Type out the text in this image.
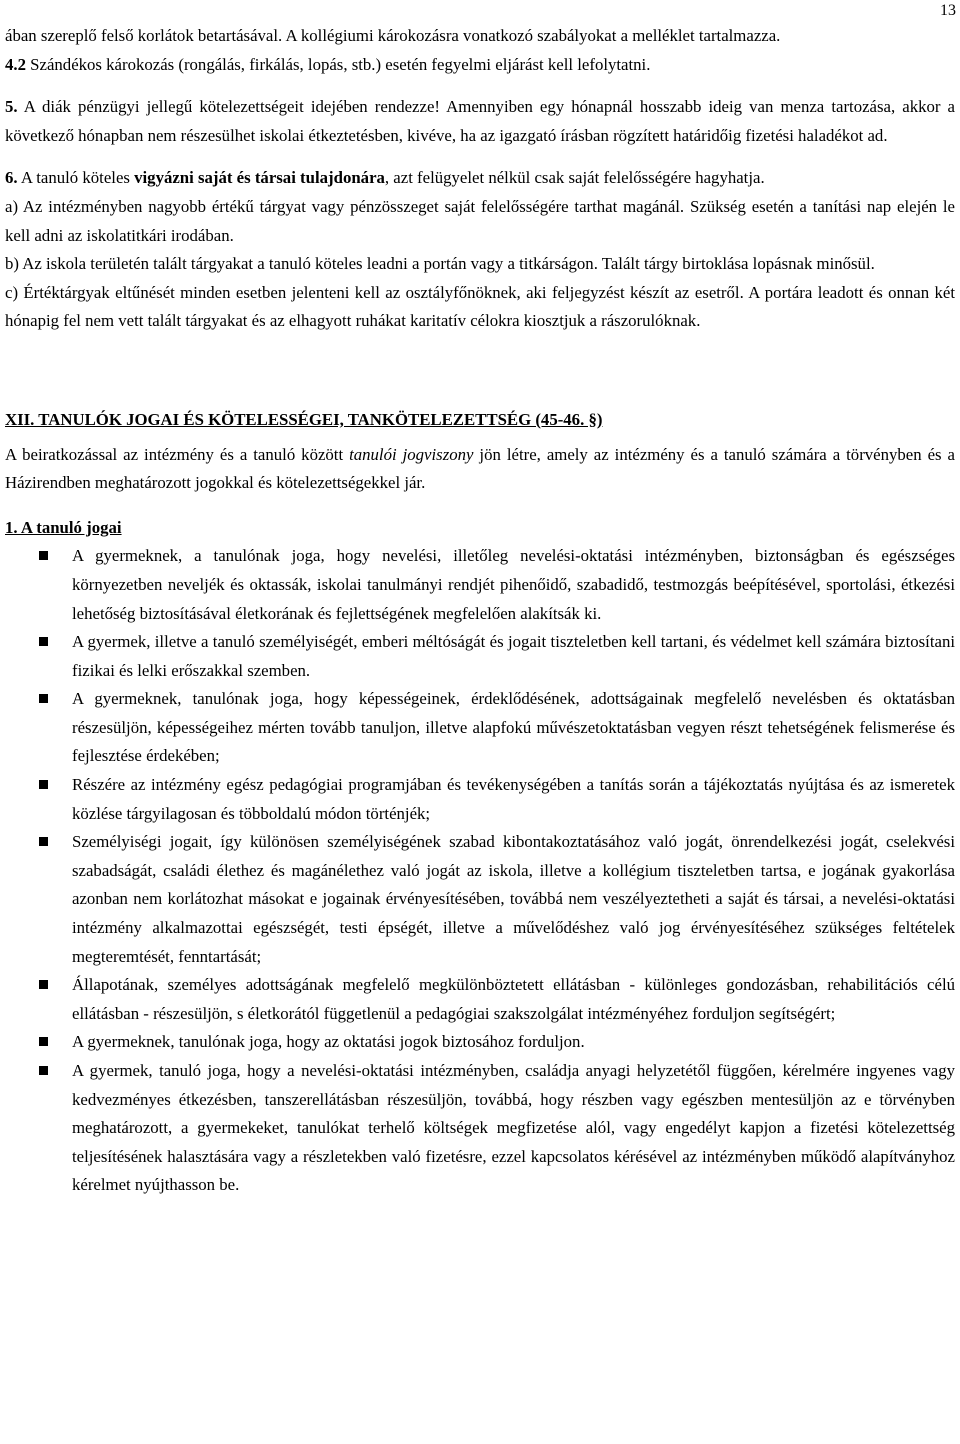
13

ában szereplő felső korlátok betartásával. A kollégiumi károkozásra vonatkozó szabályokat a melléklet tartalmazza.

4.2 Szándékos károkozás (rongálás, firkálás, lopás, stb.) esetén fegyelmi eljárást kell lefolytatni.

5. A diák pénzügyi jellegű kötelezettségeit idejében rendezze! Amennyiben egy hónapnál hosszabb ideig van menza tartozása, akkor a következő hónapban nem részesülhet iskolai étkeztetésben, kivéve, ha az igazgató írásban rögzített határidőig fizetési haladékot ad.

6. A tanuló köteles vigyázni saját és társai tulajdonára, azt felügyelet nélkül csak saját felelősségére hagyhatja.

a) Az intézményben nagyobb értékű tárgyat vagy pénzösszeget saját felelősségére tarthat magánál. Szükség esetén a tanítási nap elején le kell adni az iskolatitkári irodában.

b) Az iskola területén talált tárgyakat a tanuló köteles leadni a portán vagy a titkárságon. Talált tárgy birtoklása lopásnak minősül.

c) Értéktárgyak eltűnését minden esetben jelenteni kell az osztályfőnöknek, aki feljegyzést készít az esetről. A portára leadott és onnan két hónapig fel nem vett talált tárgyakat és az elhagyott ruhákat karitatív célokra kiosztjuk a rászorulóknak.

XII. TANULÓK JOGAI ÉS KÖTELESSÉGEI, TANKÖTELEZETTSÉG (45-46. §)

A beiratkozással az intézmény és a tanuló között tanulói jogviszony jön létre, amely az intézmény és a tanuló számára a törvényben és a Házirendben meghatározott jogokkal és kötelezettségekkel jár.

1. A tanuló jogai
A gyermeknek, a tanulónak joga, hogy nevelési, illetőleg nevelési-oktatási intézményben, biztonságban és egészséges környezetben neveljék és oktassák, iskolai tanulmányi rendjét pihenőidő, szabadidő, testmozgás beépítésével, sportolási, étkezési lehetőség biztosításával életkorának és fejlettségének megfelelően alakítsák ki.
A gyermek, illetve a tanuló személyiségét, emberi méltóságát és jogait tiszteletben kell tartani, és védelmet kell számára biztosítani fizikai és lelki erőszakkal szemben.
A gyermeknek, tanulónak joga, hogy képességeinek, érdeklődésének, adottságainak megfelelő nevelésben és oktatásban részesüljön, képességeihez mérten tovább tanuljon, illetve alapfokú művészetoktatásban vegyen részt tehetségének felismerése és fejlesztése érdekében;
Részére az intézmény egész pedagógiai programjában és tevékenységében a tanítás során a tájékoztatás nyújtása és az ismeretek közlése tárgyilagosan és többoldalú módon történjék;
Személyiségi jogait, így különösen személyiségének szabad kibontakoztatásához való jogát, önrendelkezési jogát, cselekvési szabadságát, családi élethez és magánélethez való jogát az iskola, illetve a kollégium tiszteletben tartsa, e jogának gyakorlása azonban nem korlátozhat másokat e jogainak érvényesítésében, továbbá nem veszélyeztetheti a saját és társai, a nevelési-oktatási intézmény alkalmazottai egészségét, testi épségét, illetve a művelődéshez való jog érvényesítéséhez szükséges feltételek megteremtését, fenntartását;
Állapotának, személyes adottságának megfelelő megkülönböztetett ellátásban - különleges gondozásban, rehabilitációs célú ellátásban - részesüljön, s életkorától függetlenül a pedagógiai szakszolgálat intézményéhez forduljon segítségért;
A gyermeknek, tanulónak joga, hogy az oktatási jogok biztosához forduljon.
A gyermek, tanuló joga, hogy a nevelési-oktatási intézményben, családja anyagi helyzetétől függően, kérelmére ingyenes vagy kedvezményes étkezésben, tanszerellátásban részesüljön, továbbá, hogy részben vagy egészben mentesüljön az e törvényben meghatározott, a gyermekeket, tanulókat terhelő költségek megfizetése alól, vagy engedélyt kapjon a fizetési kötelezettség teljesítésének halasztására vagy a részletekben való fizetésre, ezzel kapcsolatos kérésével az intézményben működő alapítványhoz kérelmet nyújthasson be.
